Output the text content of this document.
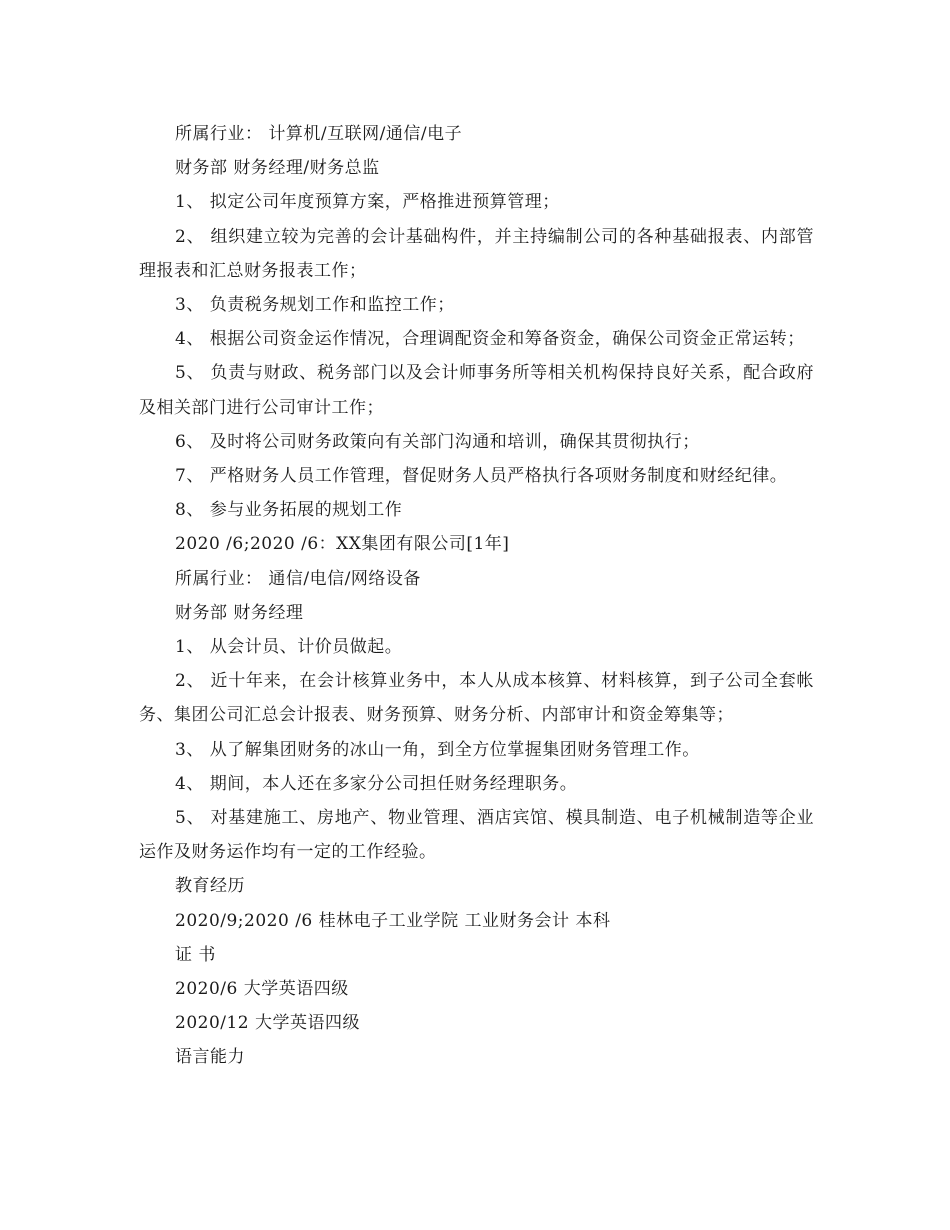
所属行业： 计算机/互联网/通信/电子
财务部 财务经理/财务总监
1、 拟定公司年度预算方案，严格推进预算管理；
2、 组织建立较为完善的会计基础构件，并主持编制公司的各种基础报表、内部管理报表和汇总财务报表工作；
3、 负责税务规划工作和监控工作；
4、 根据公司资金运作情况，合理调配资金和筹备资金，确保公司资金正常运转；
5、 负责与财政、税务部门以及会计师事务所等相关机构保持良好关系，配合政府及相关部门进行公司审计工作；
6、 及时将公司财务政策向有关部门沟通和培训，确保其贯彻执行；
7、 严格财务人员工作管理，督促财务人员严格执行各项财务制度和财经纪律。
8、 参与业务拓展的规划工作
2020 /6;2020 /6：XX集团有限公司[1年]
所属行业： 通信/电信/网络设备
财务部 财务经理
1、 从会计员、计价员做起。
2、 近十年来，在会计核算业务中，本人从成本核算、材料核算，到子公司全套帐务、集团公司汇总会计报表、财务预算、财务分析、内部审计和资金筹集等；
3、 从了解集团财务的冰山一角，到全方位掌握集团财务管理工作。
4、 期间，本人还在多家分公司担任财务经理职务。
5、 对基建施工、房地产、物业管理、酒店宾馆、模具制造、电子机械制造等企业运作及财务运作均有一定的工作经验。
教育经历
2020/9;2020 /6 桂林电子工业学院 工业财务会计 本科
证 书
2020/6 大学英语四级
2020/12 大学英语四级
语言能力
